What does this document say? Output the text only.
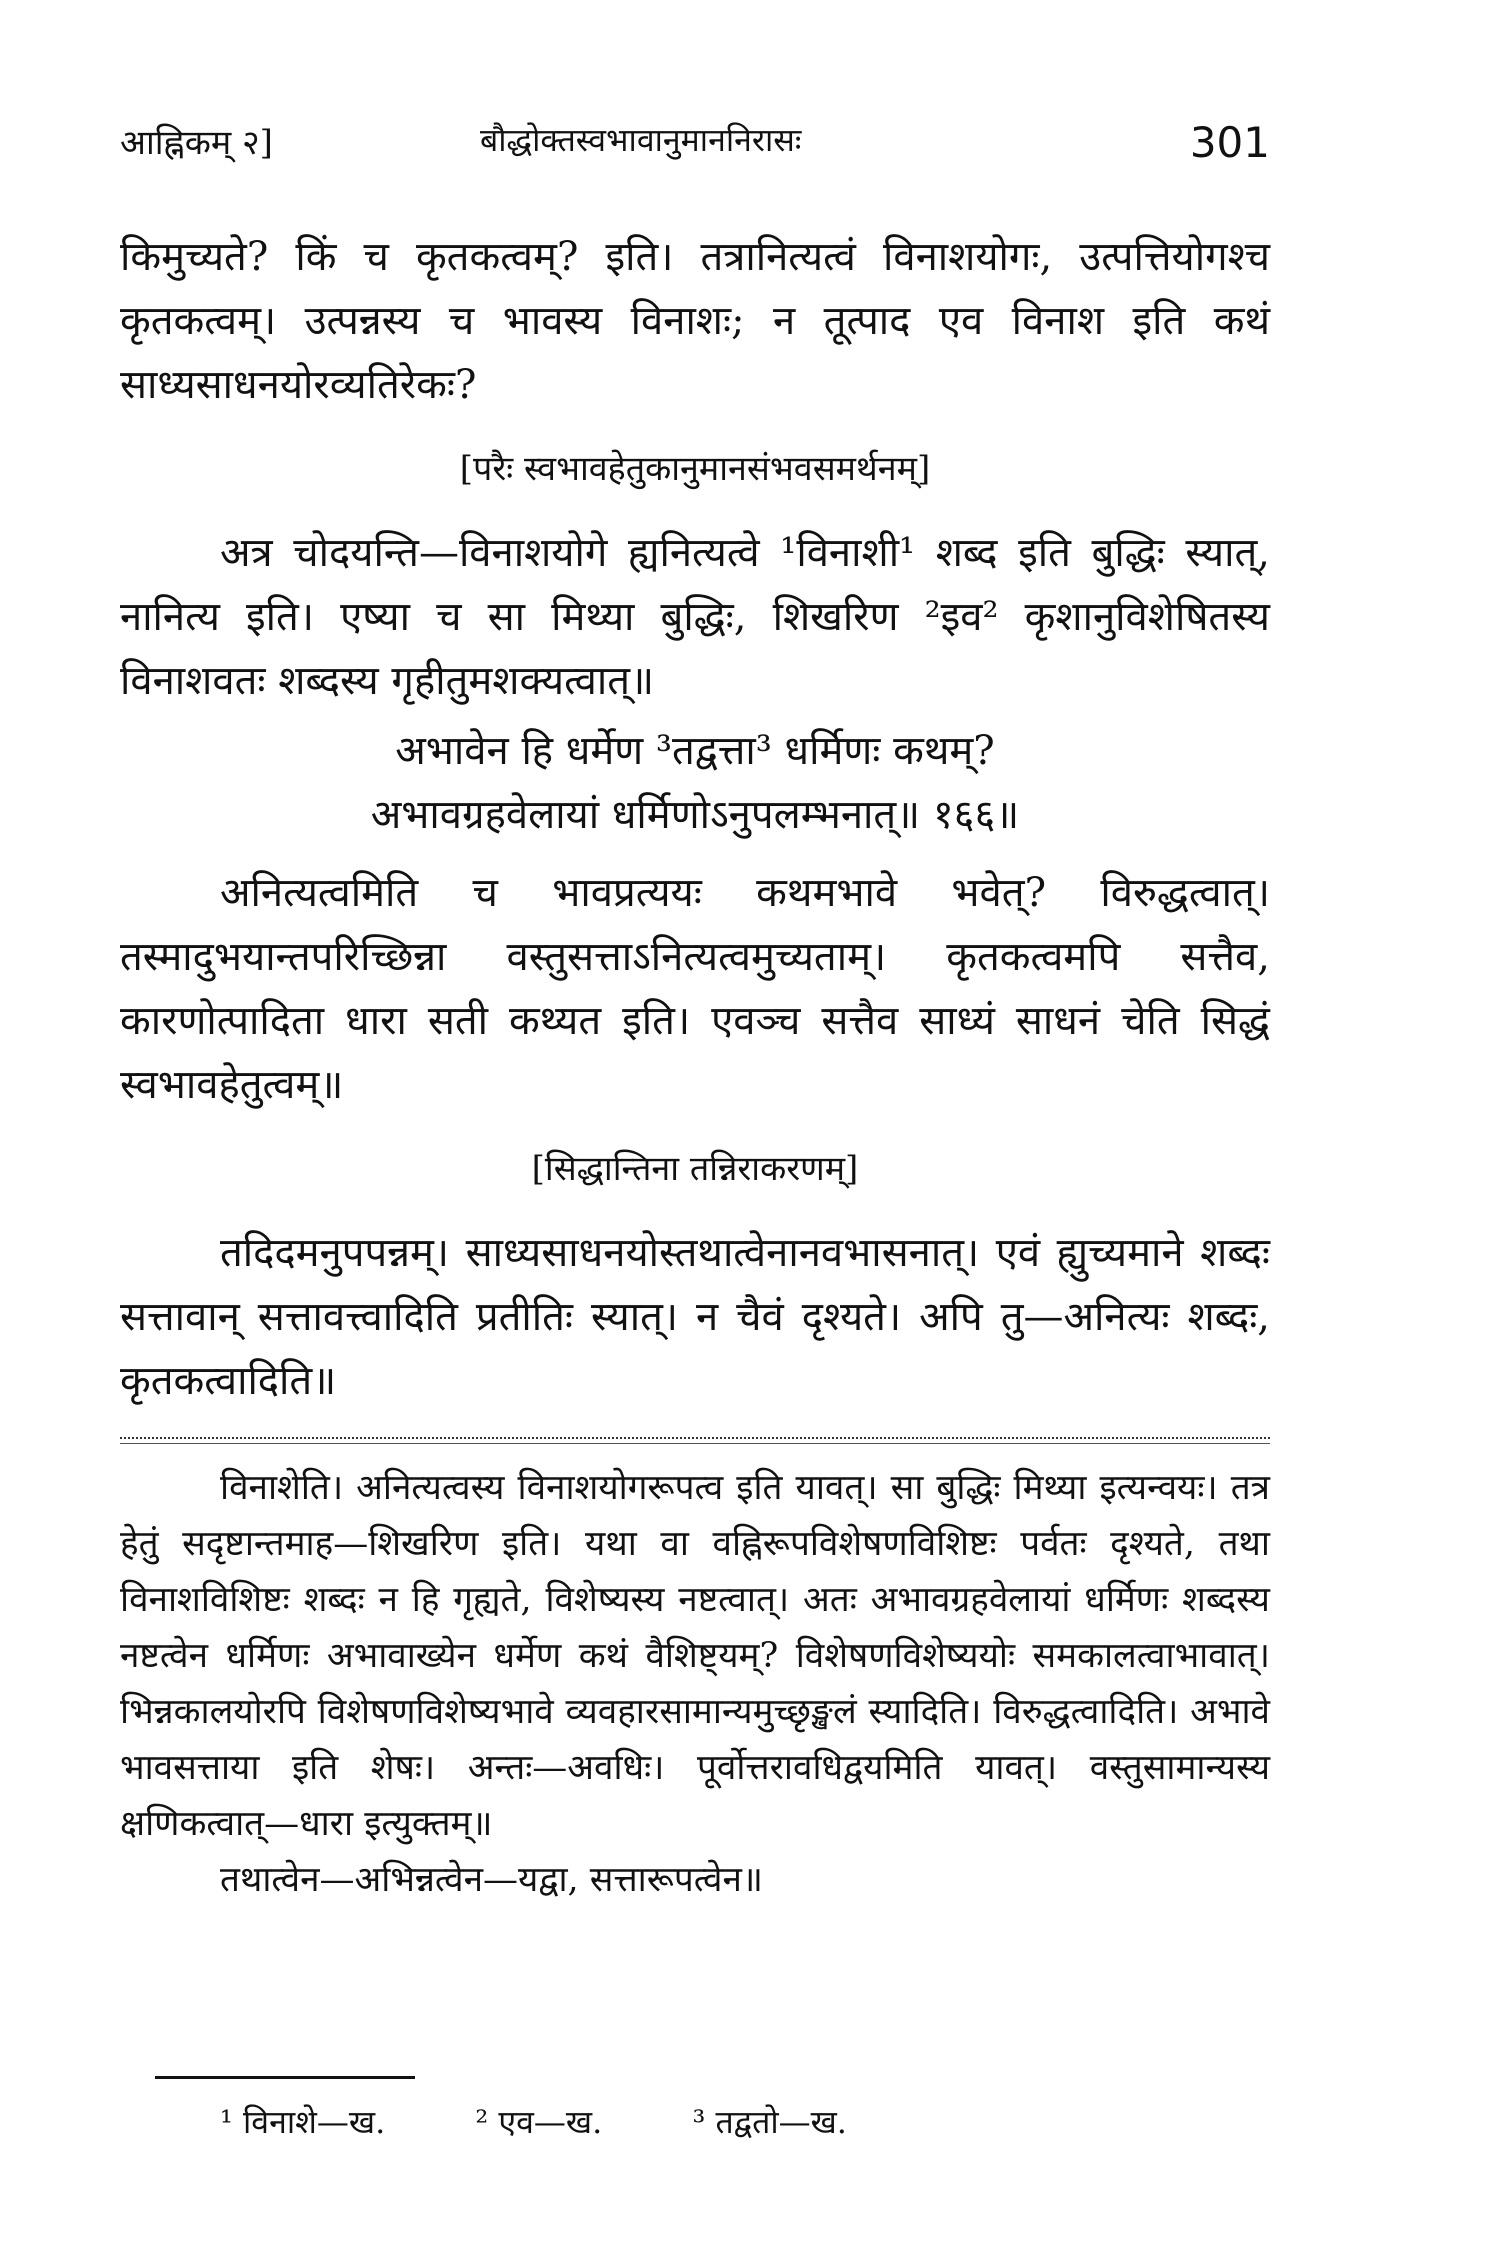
आह्निकम् २]	बौद्धोक्तस्वभावानुमाननिरासः	301

किमुच्यते? किं च कृतकत्वम्? इति। तत्रानित्यत्वं विनाशयोगः, उत्पत्तियोगश्च कृतकत्वम्। उत्पन्नस्य च भावस्य विनाशः; न तूत्पाद एव विनाश इति कथं साध्यसाधनयोरव्यतिरेकः?

[परैः स्वभावहेतुकानुमानसंभवसमर्थनम्]

अत्र चोदयन्ति—विनाशयोगे ह्यनित्यत्वे ¹विनाशी¹ शब्द इति बुद्धिः स्यात्, नानित्य इति। एष्या च सा मिथ्या बुद्धिः, शिखरिण ²इव² कृशानुविशेषितस्य विनाशवतः शब्दस्य गृहीतुमशक्यत्वात्॥

अभावेन हि धर्मेण ³तद्वत्ता³ धर्मिणः कथम्?
अभावग्रहवेलायां धर्मिणोऽनुपलम्भनात्॥ १६६॥

अनित्यत्वमिति च भावप्रत्ययः कथमभावे भवेत्? विरुद्धत्वात्। तस्मादुभयान्तपरिच्छिन्ना वस्तुसत्ताऽनित्यत्वमुच्यताम्। कृतकत्वमपि सत्तैव, कारणोत्पादिता धारा सती कथ्यत इति। एवञ्च सत्तैव साध्यं साधनं चेति सिद्धं स्वभावहेतुत्वम्॥

[सिद्धान्तिना तन्निराकरणम्]

तदिदमनुपपन्नम्। साध्यसाधनयोस्तथात्वेनानवभासनात्। एवं ह्युच्यमाने शब्दः सत्तावान् सत्तावत्त्वादिति प्रतीतिः स्यात्। न चैवं दृश्यते। अपि तु—अनित्यः शब्दः, कृतकत्वादिति॥

विनाशेति। अनित्यत्वस्य विनाशयोगरूपत्व इति यावत्। सा बुद्धिः मिथ्या इत्यन्वयः। तत्र हेतुं सदृष्टान्तमाह—शिखरिण इति। यथा वा वह्निरूपविशेषणविशिष्टः पर्वतः दृश्यते, तथा विनाशविशिष्टः शब्दः न हि गृह्यते, विशेष्यस्य नष्टत्वात्। अतः अभावग्रहवेलायां धर्मिणः शब्दस्य नष्टत्वेन धर्मिणः अभावाख्येन धर्मेण कथं वैशिष्ट्यम्? विशेषणविशेष्ययोः समकालत्वाभावात्। भिन्नकालयोरपि विशेषणविशेष्यभावे व्यवहारसामान्यमुच्छृङ्खलं स्यादिति। विरुद्धत्वादिति। अभावे भावसत्ताया इति शेषः। अन्तः—अवधिः। पूर्वोत्तरावधिद्वयमिति यावत्। वस्तुसामान्यस्य क्षणिकत्वात्—धारा इत्युक्तम्॥

तथात्वेन—अभिन्नत्वेन—यद्वा, सत्तारूपत्वेन॥

¹ विनाशे—ख.	² एव—ख.	³ तद्वतो—ख.
